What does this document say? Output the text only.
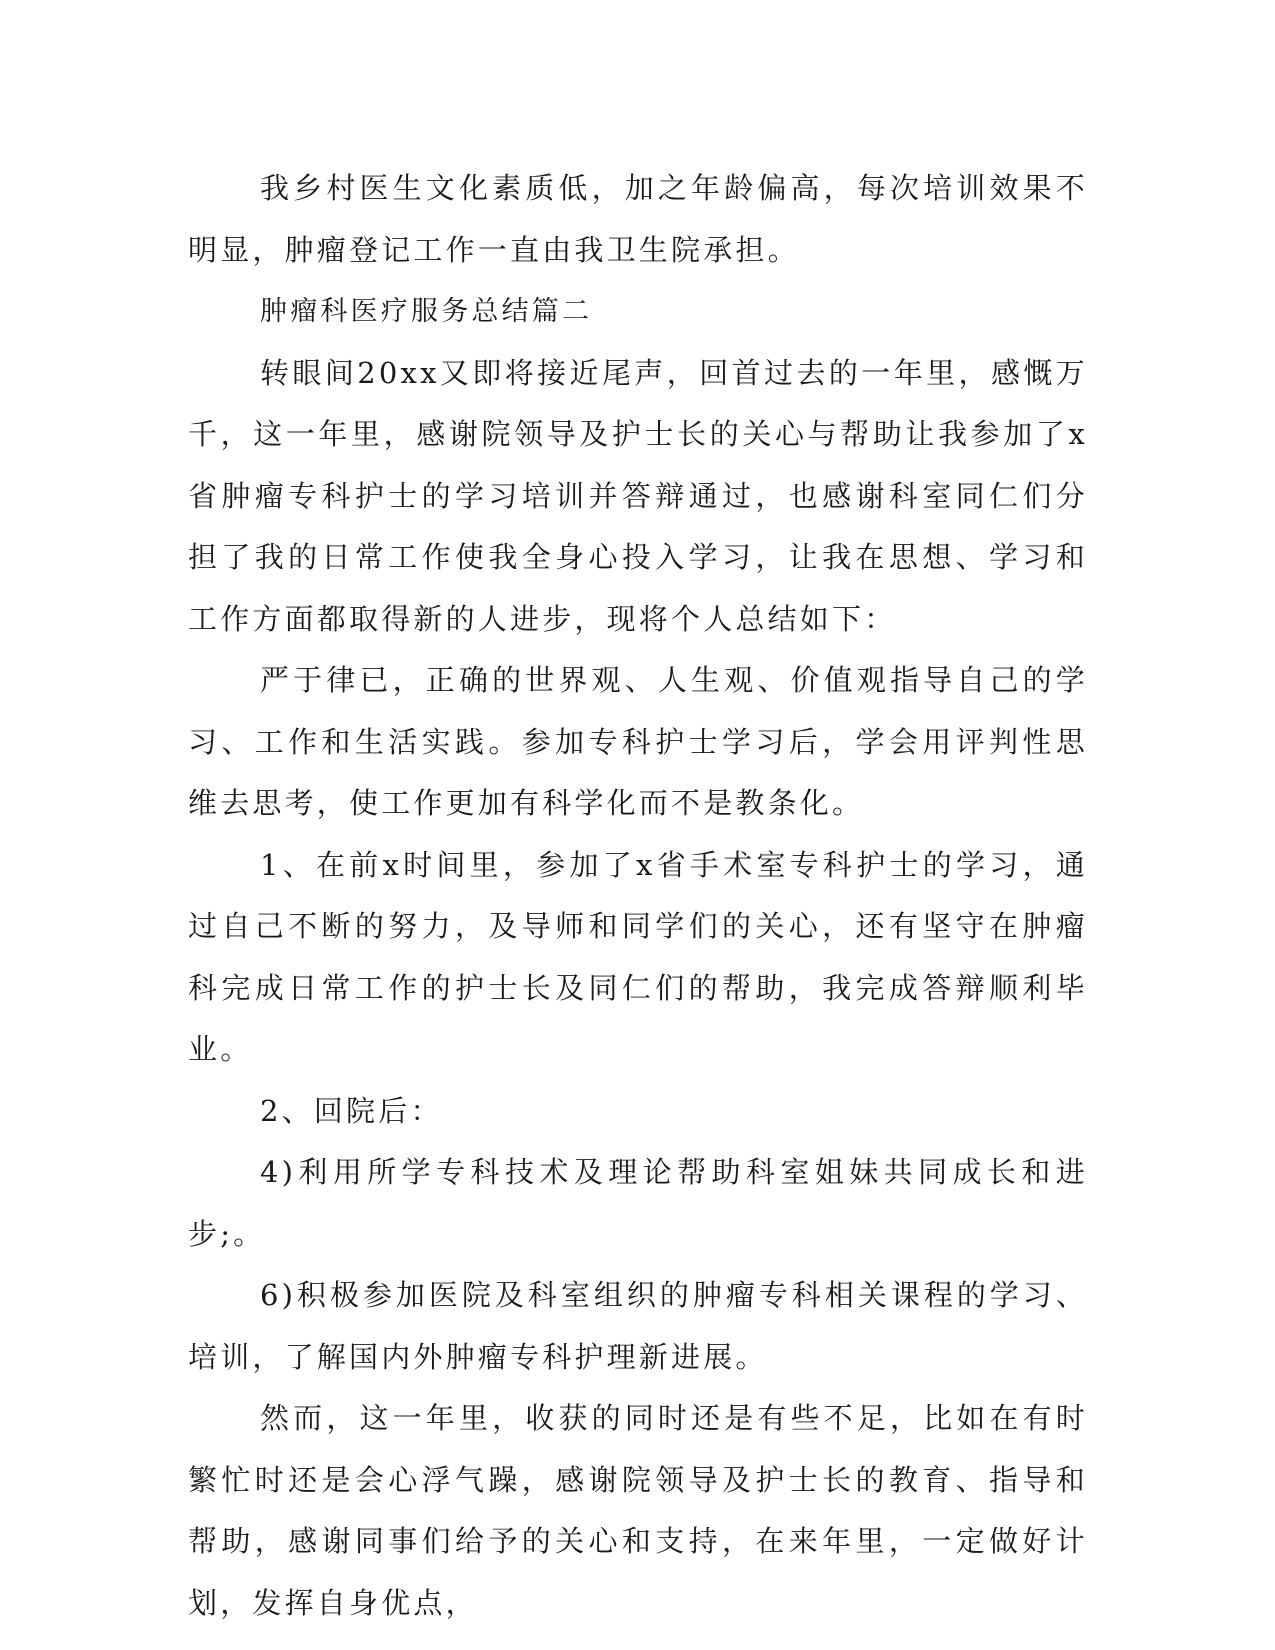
我乡村医生文化素质低，加之年龄偏高，每次培训效果不明显，肿瘤登记工作一直由我卫生院承担。

肿瘤科医疗服务总结篇二

转眼间20xx又即将接近尾声，回首过去的一年里，感慨万千，这一年里，感谢院领导及护士长的关心与帮助让我参加了x省肿瘤专科护士的学习培训并答辩通过，也感谢科室同仁们分担了我的日常工作使我全身心投入学习，让我在思想、学习和工作方面都取得新的人进步，现将个人总结如下：

严于律已，正确的世界观、人生观、价值观指导自己的学习、工作和生活实践。参加专科护士学习后，学会用评判性思维去思考，使工作更加有科学化而不是教条化。

1、在前x时间里，参加了x省手术室专科护士的学习，通过自己不断的努力，及导师和同学们的关心，还有坚守在肿瘤科完成日常工作的护士长及同仁们的帮助，我完成答辩顺利毕业。

2、回院后：

4)利用所学专科技术及理论帮助科室姐妹共同成长和进步;。

6)积极参加医院及科室组织的肿瘤专科相关课程的学习、培训，了解国内外肿瘤专科护理新进展。

然而，这一年里，收获的同时还是有些不足，比如在有时繁忙时还是会心浮气躁，感谢院领导及护士长的教育、指导和帮助，感谢同事们给予的关心和支持，在来年里，一定做好计划，发挥自身优点，
